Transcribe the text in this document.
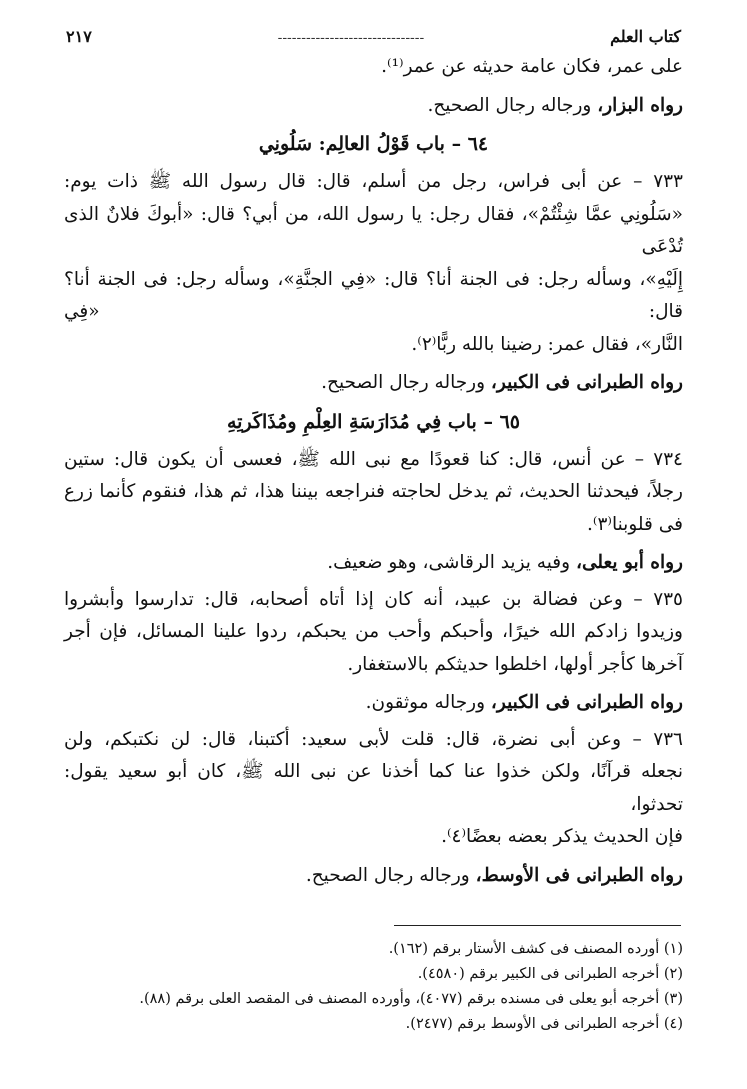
كتاب العلم
-------------------------------
٢١٧

على عمر، فكان عامة حديثه عن عمر⁽¹⁾.

رواه البزار، ورجاله رجال الصحيح.

٦٤ – باب قَوْلُ العالِم: سَلُونِي

٧٣٣ – عن أبى فراس، رجل من أسلم، قال: قال رسول الله ﷺ ذات يوم:

«سَلُونِي عمَّا شِئْتُمْ»، فقال رجل: يا رسول الله، من أبي؟ قال: «أبوكَ فلانٌ الذى تُدْعَى

إِلَيْهِ»، وسأله رجل: فى الجنة أنا؟ قال: «فِي الجنَّةِ»، وسأله رجل: فى الجنة أنا؟ قال: «فِي

النَّار»، فقال عمر: رضينا بالله ربًّا⁽٢⁾.

رواه الطبرانى فى الكبير، ورجاله رجال الصحيح.

٦٥ – باب فِي مُدَارَسَةِ العِلْمِ ومُذَاكَرتِهِ

٧٣٤ – عن أنس، قال: كنا قعودًا مع نبى الله ﷺ، فعسى أن يكون قال: ستين

رجلاً، فيحدثنا الحديث، ثم يدخل لحاجته فنراجعه بيننا هذا، ثم هذا، فنقوم كأنما زرع

فى قلوبنا⁽٣⁾.

رواه أبو يعلى، وفيه يزيد الرقاشى، وهو ضعيف.

٧٣٥ – وعن فضالة بن عبيد، أنه كان إذا أتاه أصحابه، قال: تدارسوا وأبشروا

وزيدوا زادكم الله خيرًا، وأحبكم وأحب من يحبكم، ردوا علينا المسائل، فإن أجر

آخرها كأجر أولها، اخلطوا حديثكم بالاستغفار.

رواه الطبرانى فى الكبير، ورجاله موثقون.

٧٣٦ – وعن أبى نضرة، قال: قلت لأبى سعيد: أكتبنا، قال: لن نكتبكم، ولن

نجعله قرآنًا، ولكن خذوا عنا كما أخذنا عن نبى الله ﷺ، كان أبو سعيد يقول: تحدثوا،

فإن الحديث يذكر بعضه بعضًا⁽٤⁾.

رواه الطبرانى فى الأوسط، ورجاله رجال الصحيح.

(١) أورده المصنف فى كشف الأستار برقم (١٦٢).

(٢) أخرجه الطبرانى فى الكبير برقم (٤٥٨٠).

(٣) أخرجه أبو يعلى فى مسنده برقم (٤٠٧٧)، وأورده المصنف فى المقصد العلى برقم (٨٨).

(٤) أخرجه الطبرانى فى الأوسط برقم (٢٤٧٧).
